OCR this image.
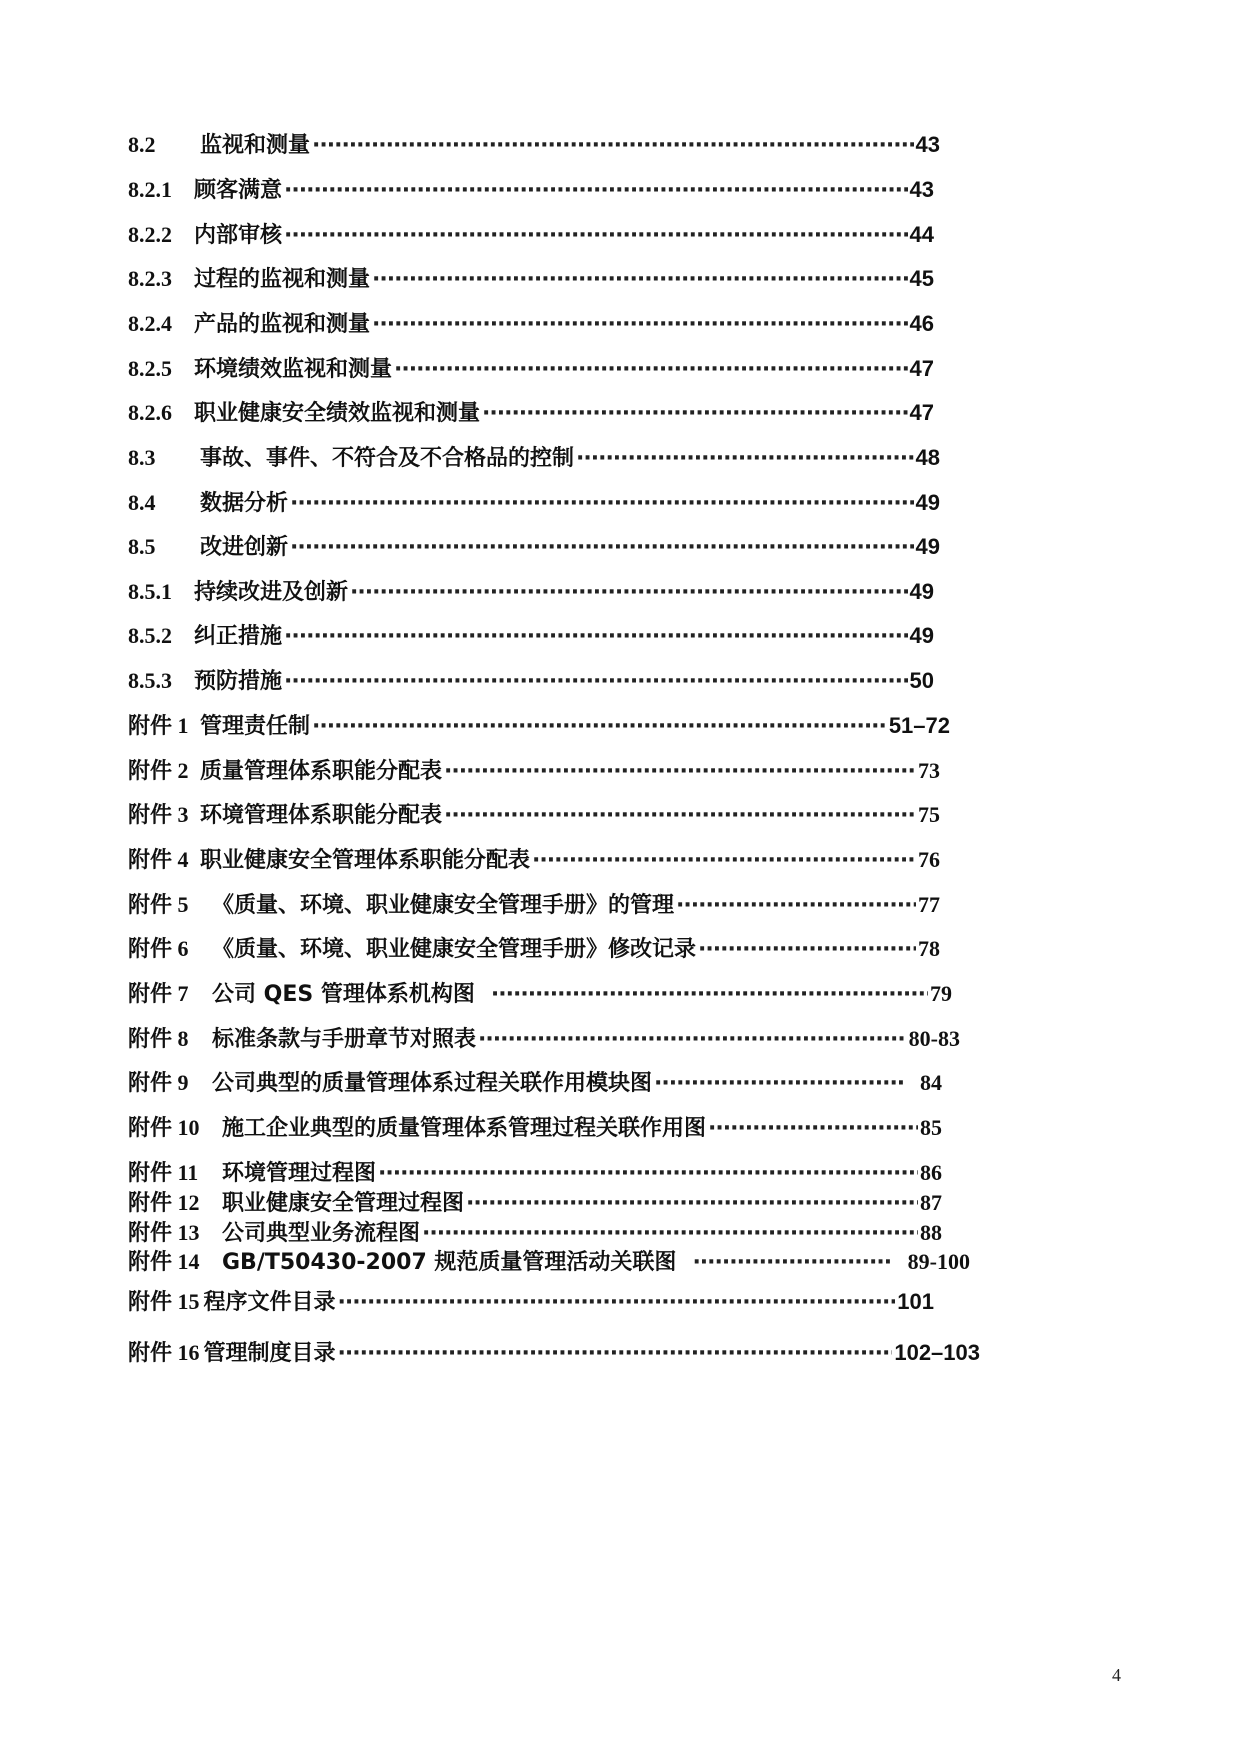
8.2	监视和测量 ·····	43
8.2.1	顾客满意 ·····	43
8.2.2	内部审核 ·····	44
8.2.3	过程的监视和测量 ·····	45
8.2.4	产品的监视和测量 ·····	46
8.2.5	环境绩效监视和测量 ·····	47
8.2.6	职业健康安全绩效监视和测量 ·····	47
8.3	事故、事件、不符合及不合格品的控制 ·····	48
8.4	数据分析 ·····	49
8.5	改进创新 ·····	49
8.5.1	持续改进及创新 ·····	49
8.5.2	纠正措施 ·····	49
8.5.3	预防措施 ·····	50
附件 1 管理责任制 ·····	51–72
附件 2 质量管理体系职能分配表 ·····	73
附件 3 环境管理体系职能分配表 ·····	75
附件 4 职业健康安全管理体系职能分配表 ·····	76
附件 5	《质量、环境、职业健康安全管理手册》的管理 ·····	77
附件 6	《质量、环境、职业健康安全管理手册》修改记录 ·····	78
附件 7	公司 QES 管理体系机构图 ·····	79
附件 8	标准条款与手册章节对照表 ·····	80-83
附件 9	公司典型的质量管理体系过程关联作用模块图 ·····	84
附件 10	施工企业典型的质量管理体系管理过程关联作用图 ·····	85
附件 11	环境管理过程图 ·····	86
附件 12	职业健康安全管理过程图 ·····	87
附件 13	公司典型业务流程图 ·····	88
附件 14	GB/T50430-2007 规范质量管理活动关联图 ·····	89-100
附件 15 程序文件目录 ·····	101
附件 16 管理制度目录 ·····	102–103
4
